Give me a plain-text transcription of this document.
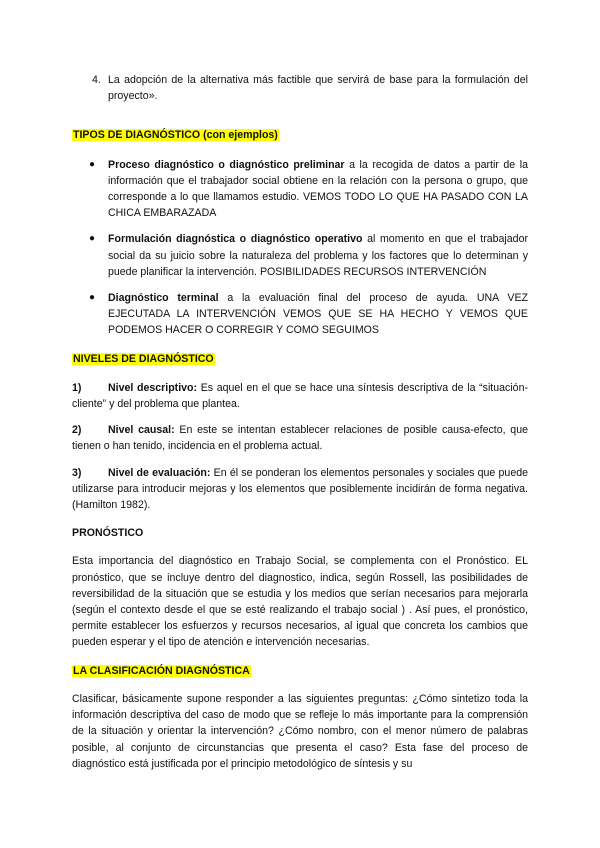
4. La adopción de la alternativa más factible que servirá de base para la formulación del proyecto».

TIPOS DE DIAGNÓSTICO (con ejemplos)

● Proceso diagnóstico o diagnóstico preliminar a la recogida de datos a partir de la información que el trabajador social obtiene en la relación con la persona o grupo, que corresponde a lo que llamamos estudio. VEMOS TODO LO QUE HA PASADO CON LA CHICA EMBARAZADA
● Formulación diagnóstica o diagnóstico operativo al momento en que el trabajador social da su juicio sobre la naturaleza del problema y los factores que lo determinan y puede planificar la intervención. POSIBILIDADES RECURSOS INTERVENCIÓN
● Diagnóstico terminal a la evaluación final del proceso de ayuda. UNA VEZ EJECUTADA LA INTERVENCIÓN VEMOS QUE SE HA HECHO Y VEMOS QUE PODEMOS HACER O CORREGIR Y COMO SEGUIMOS

NIVELES DE DIAGNÓSTICO

1)	Nivel descriptivo: Es aquel en el que se hace una síntesis descriptiva de la “situación-cliente” y del problema que plantea.

2)	Nivel causal: En este se intentan establecer relaciones de posible causa-efecto, que tienen o han tenido, incidencia en el problema actual.

3)	Nivel de evaluación: En él se ponderan los elementos personales y sociales que puede utilizarse para introducir mejoras y los elementos que posiblemente incidirán de forma negativa.(Hamilton 1982).

PRONÓSTICO

Esta importancia del diagnóstico en Trabajo Social, se complementa con el Pronóstico. EL pronóstico, que se incluye dentro del diagnostico, indica, según Rossell, las posibilidades de reversibilidad de la situación que se estudia y los medios que serían necesarios para mejorarla (según el contexto desde el que se esté realizando el trabajo social ) . Así pues, el pronóstico, permite establecer los esfuerzos y recursos necesarios, al igual que concreta los cambios que pueden esperar y el tipo de atención e intervención necesarias.

LA CLASIFICACIÓN DIAGNÓSTICA

Clasificar, básicamente supone responder a las siguientes preguntas: ¿Cómo sintetizo toda la información descriptiva del caso de modo que se refleje lo más importante para la comprensión de la situación y orientar la intervención? ¿Cómo nombro, con el menor número de palabras posible, al conjunto de circunstancias que presenta el caso? Esta fase del proceso de diagnóstico está justificada por el principio metodológico de síntesis y su
